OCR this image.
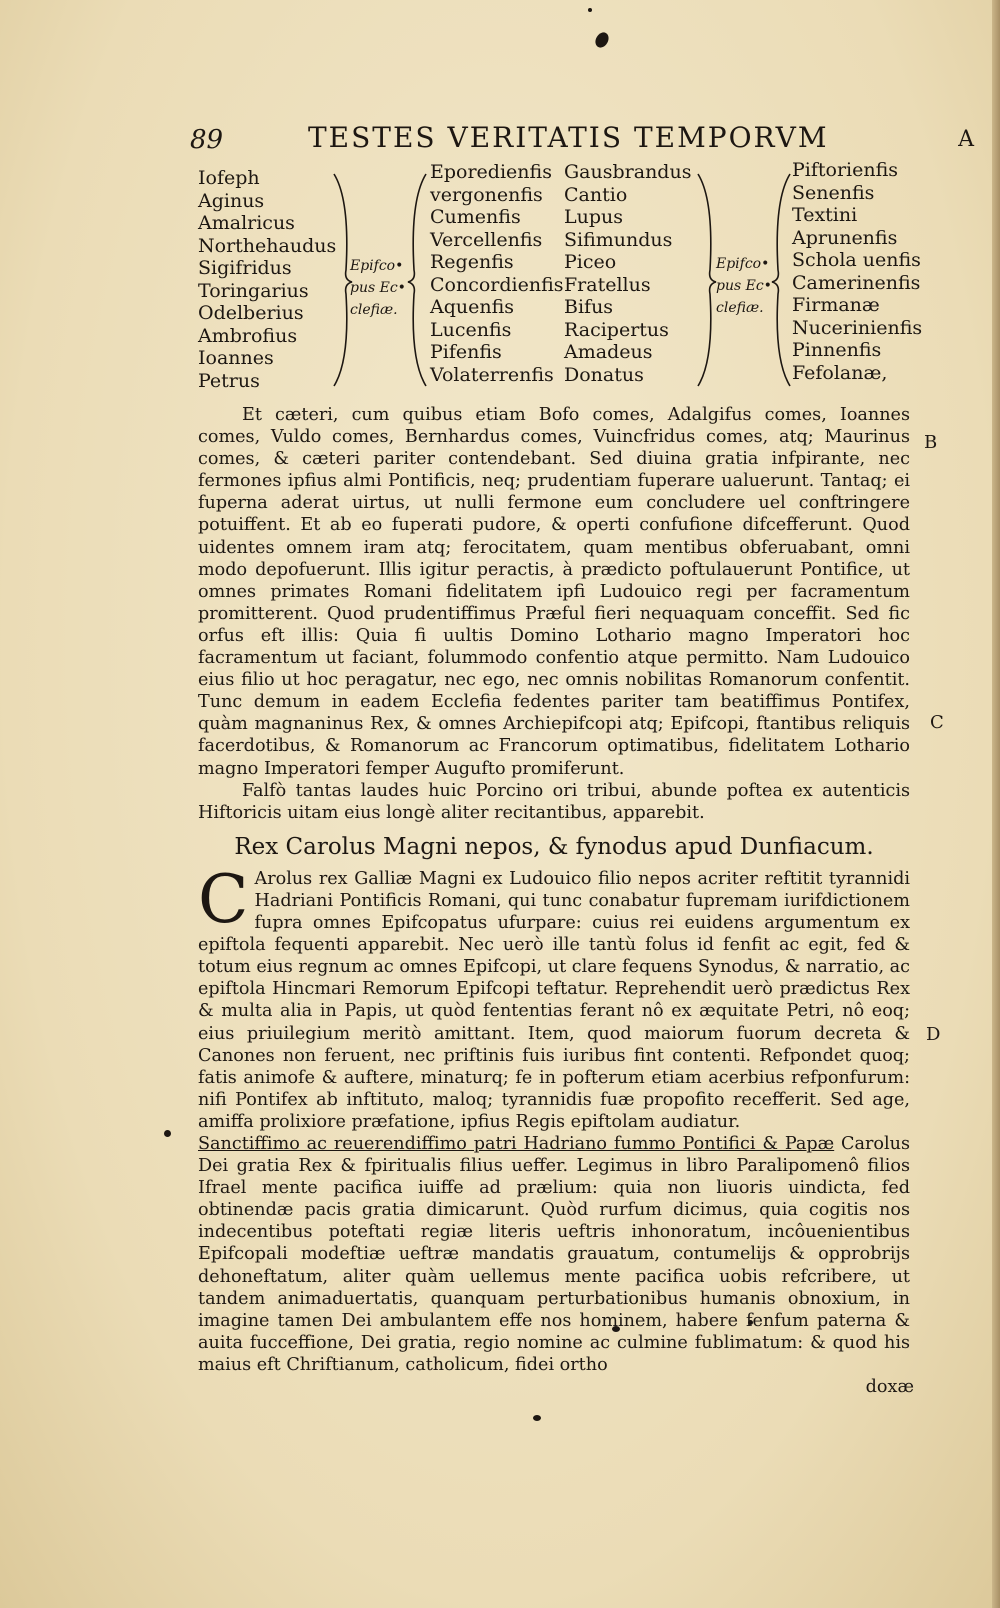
89	TESTES VERITATIS TEMPORVM	A
Iofeph
Aginus
Amalricus
Northehaudus
Sigifridus
Toringarius
Odelberius
Ambrofius
Ioannes
Petrus
Epifco•
pus Ec•
clefiæ.
Eporedienfis
vergonenfis
Cumenfis
Vercellenfis
Regenfis
Concordienfis
Aquenfis
Lucenfis
Pifenfis
Volaterrenfis
Gausbrandus
Cantio
Lupus
Sifimundus
Piceo
Fratellus
Bifus
Racipertus
Amadeus
Donatus
Epifco•
pus Ec•
clefiæ.
Piftorienfis
Senenfis
Textini
Aprunenfis
Schola uenfis
Camerinenfis
Firmanæ
Nucerinienfis
Pinnenfis
Fefolanæ,
B
C
D

Et cæteri, cum quibus etiam Bofo comes, Adalgifus comes, Ioannes comes, Vuldo comes, Bernhardus comes, Vuincfridus comes, atq; Maurinus comes, & cæteri pariter contendebant. Sed diuina gratia infpirante, nec fermones ipfius almi Pontificis, neq; prudentiam fuperare ualuerunt. Tantaq; ei fuperna aderat uirtus, ut nulli fermone eum concludere uel conftringere potuiffent. Et ab eo fuperati pudore, & operti confufione difcefferunt. Quod uidentes omnem iram atq; ferocitatem, quam mentibus obferuabant, omni modo depofuerunt. Illis igitur peractis, à prædicto poftulauerunt Pontifice, ut omnes primates Romani fidelitatem ipfi Ludouico regi per facramentum promitterent. Quod prudentiffimus Præful fieri nequaquam conceffit. Sed fic orfus eft illis: Quia fi uultis Domino Lothario magno Imperatori hoc facramentum ut faciant, folummodo confentio atque permitto. Nam Ludouico eius filio ut hoc peragatur, nec ego, nec omnis nobilitas Romanorum confentit. Tunc demum in eadem Ecclefia fedentes pariter tam beatiffimus Pontifex, quàm magnaninus Rex, & omnes Archiepifcopi atq; Epifcopi, ftantibus reliquis facerdotibus, & Romanorum ac Francorum optimatibus, fidelitatem Lothario magno Imperatori femper Augufto promiferunt.

Falfò tantas laudes huic Porcino ori tribui, abunde poftea ex autenticis Hiftoricis uitam eius longè aliter recitantibus, apparebit.

Rex Carolus Magni nepos, & fynodus apud Dunfiacum.

C Arolus rex Galliæ Magni ex Ludouico filio nepos acriter reftitit tyrannidi Hadriani Pontificis Romani, qui tunc conabatur fupremam iurifdictionem fupra omnes Epifcopatus ufurpare: cuius rei euidens argumentum ex epiftola fequenti apparebit. Nec uerò ille tantù folus id fenfit ac egit, fed & totum eius regnum ac omnes Epifcopi, ut clare fequens Synodus, & narratio, ac epiftola Hincmari Remorum Epifcopi teftatur. Reprehendit uerò prædictus Rex & multa alia in Papis, ut quòd fententias ferant nô ex æquitate Petri, nô eoq; eius priuilegium meritò amittant. Item, quod maiorum fuorum decreta & Canones non feruent, nec priftinis fuis iuribus fint contenti. Refpondet quoq; fatis animofe & auftere, minaturq; fe in pofterum etiam acerbius refponfurum: nifi Pontifex ab inftituto, maloq; tyrannidis fuæ propofito recefferit. Sed age, amiffa prolixiore præfatione, ipfius Regis epiftolam audiatur.

Sanctiffimo ac reuerendiffimo patri Hadriano fummo Pontifici & Papæ Carolus Dei gratia Rex & fpiritualis filius ueffer. Legimus in libro Paralipomenô filios Ifrael mente pacifica iuiffe ad prælium: quia non liuoris uindicta, fed obtinendæ pacis gratia dimicarunt. Quòd rurfum dicimus, quia cogitis nos indecentibus poteftati regiæ literis ueftris inhonoratum, incôuenientibus Epifcopali modeftiæ ueftræ mandatis grauatum, contumelijs & opprobrijs dehoneftatum, aliter quàm uellemus mente pacifica uobis refcribere, ut tandem animaduertatis, quanquam perturbationibus humanis obnoxium, in imagine tamen Dei ambulantem effe nos hominem, habere fenfum paterna & auita fucceffione, Dei gratia, regio nomine ac culmine fublimatum: & quod his maius eft Chriftianum, catholicum, fidei ortho

doxæ
